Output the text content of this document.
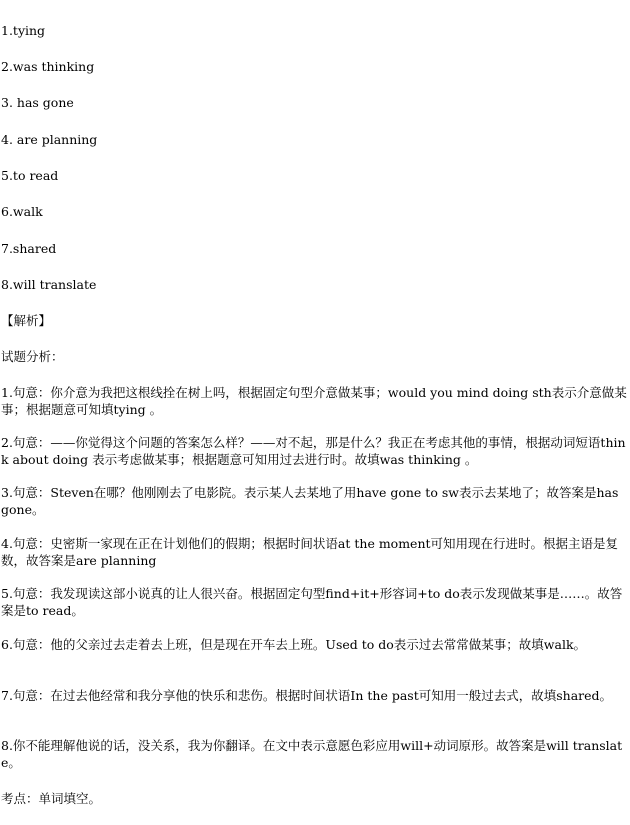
1.tying
2.was thinking
3. has gone
4. are planning
5.to read
6.walk
7.shared
8.will translate
【解析】
试题分析：
1.句意：你介意为我把这根线拴在树上吗，根据固定句型介意做某事；would you mind doing sth表示介意做某事；根据题意可知填tying 。
2.句意：——你觉得这个问题的答案怎么样？——对不起，那是什么？我正在考虑其他的事情，根据动词短语think about doing 表示考虑做某事；根据题意可知用过去进行时。故填was thinking 。
3.句意：Steven在哪？他刚刚去了电影院。表示某人去某地了用have gone to sw表示去某地了；故答案是has gone。
4.句意：史密斯一家现在正在计划他们的假期；根据时间状语at the moment可知用现在行进时。根据主语是复数，故答案是are planning
5.句意：我发现读这部小说真的让人很兴奋。根据固定句型find+it+形容词+to do表示发现做某事是……。故答案是to read。
6.句意：他的父亲过去走着去上班，但是现在开车去上班。Used to do表示过去常常做某事；故填walk。
7.句意：在过去他经常和我分享他的快乐和悲伤。根据时间状语In the past可知用一般过去式，故填shared。
8.你不能理解他说的话，没关系，我为你翻译。在文中表示意愿色彩应用will+动词原形。故答案是will translate。
考点：单词填空。
